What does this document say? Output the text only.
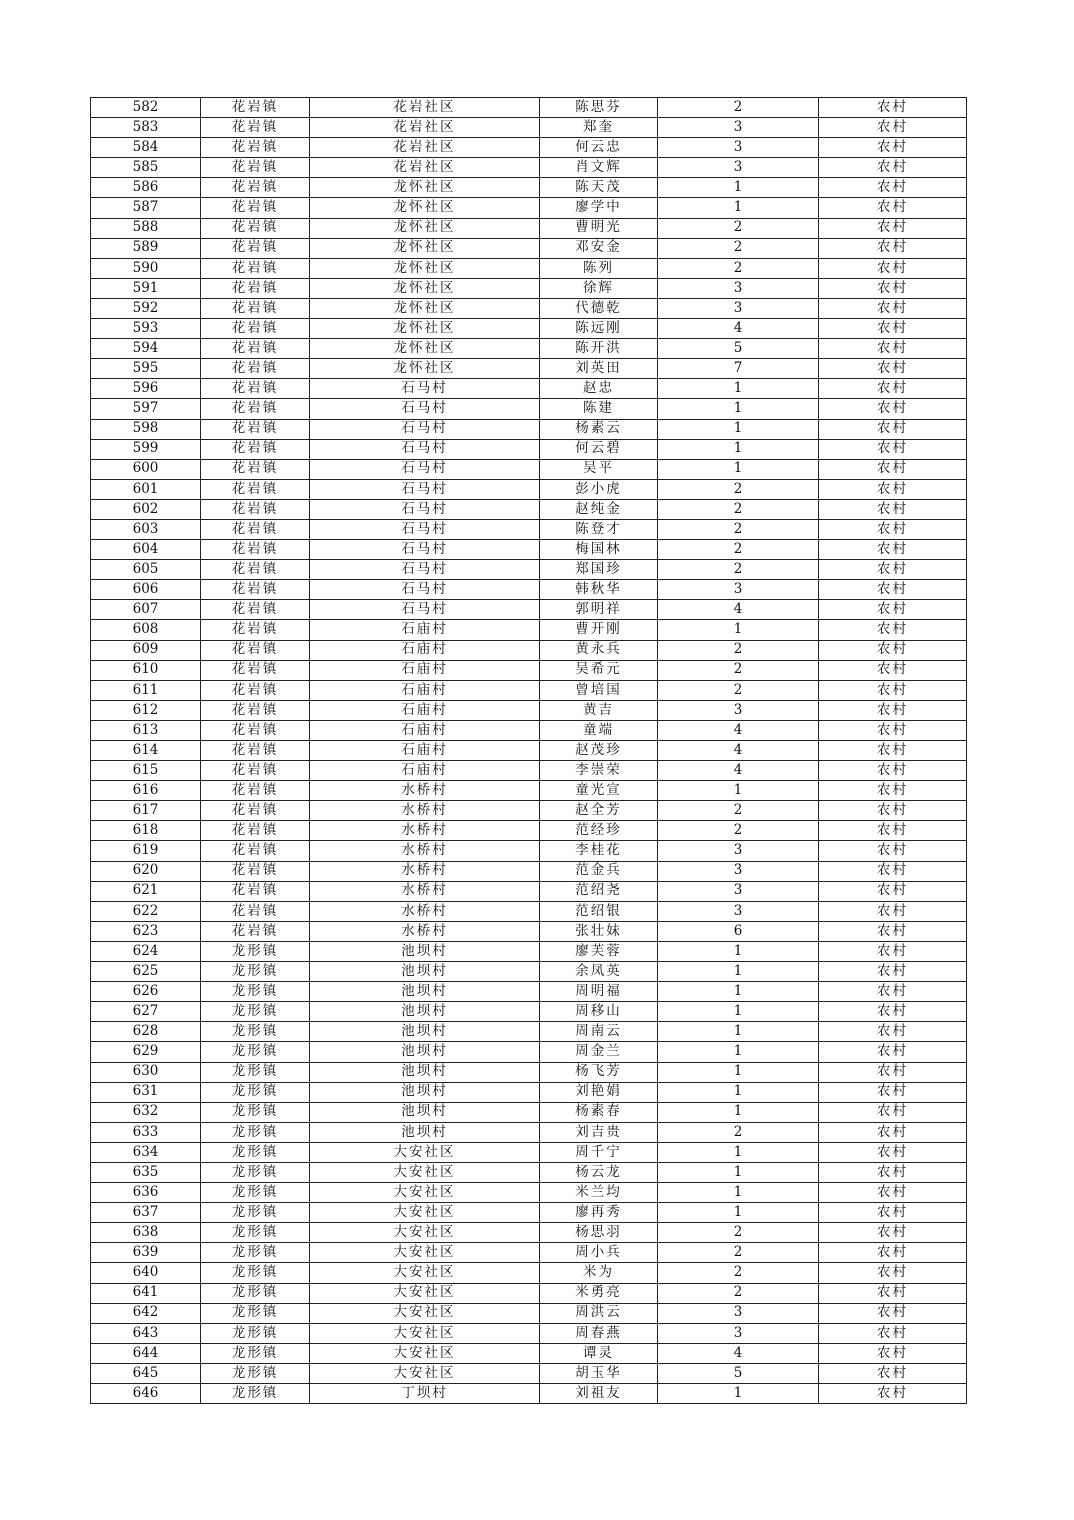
582	花岩镇	花岩社区	陈思芬	2	农村
583	花岩镇	花岩社区	郑奎	3	农村
584	花岩镇	花岩社区	何云忠	3	农村
585	花岩镇	花岩社区	肖文辉	3	农村
586	花岩镇	龙怀社区	陈天茂	1	农村
587	花岩镇	龙怀社区	廖学中	1	农村
588	花岩镇	龙怀社区	曹明光	2	农村
589	花岩镇	龙怀社区	邓安金	2	农村
590	花岩镇	龙怀社区	陈列	2	农村
591	花岩镇	龙怀社区	徐辉	3	农村
592	花岩镇	龙怀社区	代德乾	3	农村
593	花岩镇	龙怀社区	陈远刚	4	农村
594	花岩镇	龙怀社区	陈开洪	5	农村
595	花岩镇	龙怀社区	刘英田	7	农村
596	花岩镇	石马村	赵忠	1	农村
597	花岩镇	石马村	陈建	1	农村
598	花岩镇	石马村	杨素云	1	农村
599	花岩镇	石马村	何云碧	1	农村
600	花岩镇	石马村	吴平	1	农村
601	花岩镇	石马村	彭小虎	2	农村
602	花岩镇	石马村	赵纯金	2	农村
603	花岩镇	石马村	陈登才	2	农村
604	花岩镇	石马村	梅国林	2	农村
605	花岩镇	石马村	郑国珍	2	农村
606	花岩镇	石马村	韩秋华	3	农村
607	花岩镇	石马村	郭明祥	4	农村
608	花岩镇	石庙村	曹开刚	1	农村
609	花岩镇	石庙村	黄永兵	2	农村
610	花岩镇	石庙村	吴希元	2	农村
611	花岩镇	石庙村	曾培国	2	农村
612	花岩镇	石庙村	黄吉	3	农村
613	花岩镇	石庙村	童端	4	农村
614	花岩镇	石庙村	赵茂珍	4	农村
615	花岩镇	石庙村	李崇荣	4	农村
616	花岩镇	水桥村	童光宣	1	农村
617	花岩镇	水桥村	赵全芳	2	农村
618	花岩镇	水桥村	范经珍	2	农村
619	花岩镇	水桥村	李桂花	3	农村
620	花岩镇	水桥村	范金兵	3	农村
621	花岩镇	水桥村	范绍尧	3	农村
622	花岩镇	水桥村	范绍银	3	农村
623	花岩镇	水桥村	张壮妹	6	农村
624	龙形镇	池坝村	廖芙蓉	1	农村
625	龙形镇	池坝村	余凤英	1	农村
626	龙形镇	池坝村	周明福	1	农村
627	龙形镇	池坝村	周移山	1	农村
628	龙形镇	池坝村	周南云	1	农村
629	龙形镇	池坝村	周金兰	1	农村
630	龙形镇	池坝村	杨飞芳	1	农村
631	龙形镇	池坝村	刘艳娟	1	农村
632	龙形镇	池坝村	杨素春	1	农村
633	龙形镇	池坝村	刘吉贵	2	农村
634	龙形镇	大安社区	周千宁	1	农村
635	龙形镇	大安社区	杨云龙	1	农村
636	龙形镇	大安社区	米兰均	1	农村
637	龙形镇	大安社区	廖再秀	1	农村
638	龙形镇	大安社区	杨思羽	2	农村
639	龙形镇	大安社区	周小兵	2	农村
640	龙形镇	大安社区	米为	2	农村
641	龙形镇	大安社区	米勇亮	2	农村
642	龙形镇	大安社区	周洪云	3	农村
643	龙形镇	大安社区	周春燕	3	农村
644	龙形镇	大安社区	谭灵	4	农村
645	龙形镇	大安社区	胡玉华	5	农村
646	龙形镇	丁坝村	刘祖友	1	农村
